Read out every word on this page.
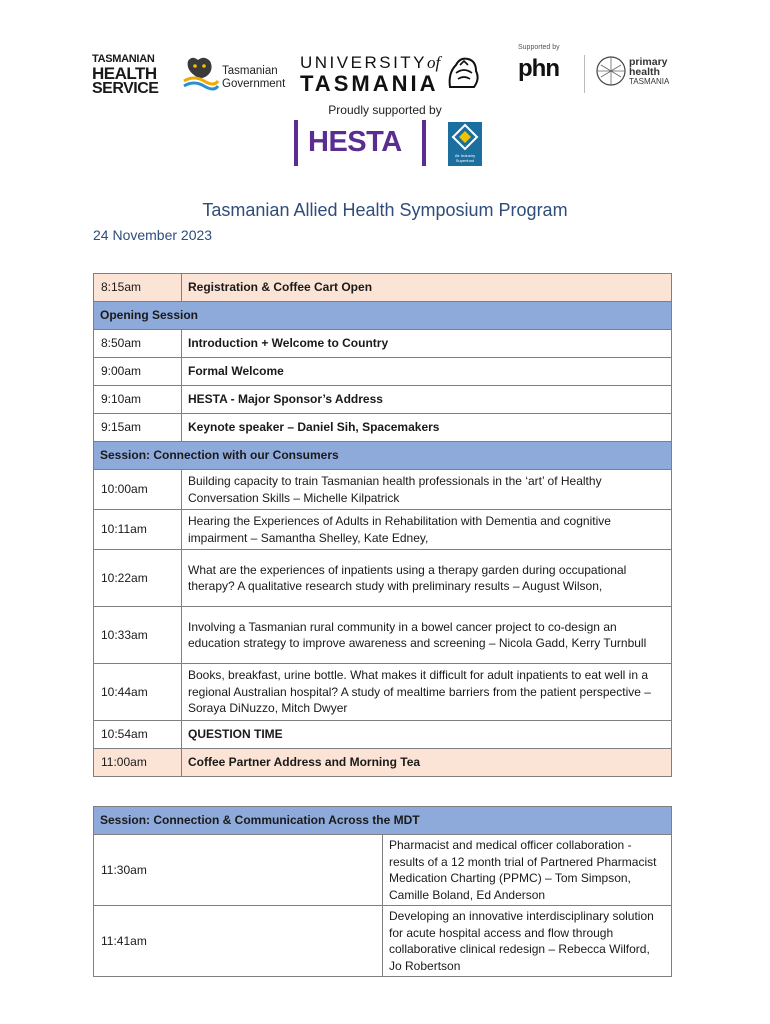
TASMANIAN
HEALTH
SERVICE
Tasmanian
Government
UNIVERSITYof
TASMANIA
Supported by
phn	primary
health
TASMANIA
Proudly supported by
HESTA	Air Industry Superfund
Tasmanian Allied Health Symposium Program
24 November 2023
8:15am	Registration & Coffee Cart Open
Opening Session	
8:50am	Introduction + Welcome to Country
9:00am	Formal Welcome
9:10am	HESTA - Major Sponsor’s Address
9:15am	Keynote speaker – Daniel Sih, Spacemakers
Session: Connection with our Consumers	
10:00am	Building capacity to train Tasmanian health professionals in the ‘art’ of Healthy Conversation Skills – Michelle Kilpatrick
10:11am	Hearing the Experiences of Adults in Rehabilitation with Dementia and cognitive impairment – Samantha Shelley, Kate Edney,
10:22am	What are the experiences of inpatients using a therapy garden during occupational therapy? A qualitative research study with preliminary results – August Wilson,
10:33am	Involving a Tasmanian rural community in a bowel cancer project to co-design an education strategy to improve awareness and screening – Nicola Gadd, Kerry Turnbull
10:44am	Books, breakfast, urine bottle. What makes it difficult for adult inpatients to eat well in a regional Australian hospital? A study of mealtime barriers from the patient perspective – Soraya DiNuzzo, Mitch Dwyer
10:54am	QUESTION TIME
11:00am	Coffee Partner Address and Morning Tea
Session: Connection & Communication Across the MDT	
11:30am	Pharmacist and medical officer collaboration - results of a 12 month trial of Partnered Pharmacist Medication Charting (PPMC) – Tom Simpson, Camille Boland, Ed Anderson
11:41am	Developing an innovative interdisciplinary solution for acute hospital access and flow through collaborative clinical redesign – Rebecca Wilford, Jo Robertson
